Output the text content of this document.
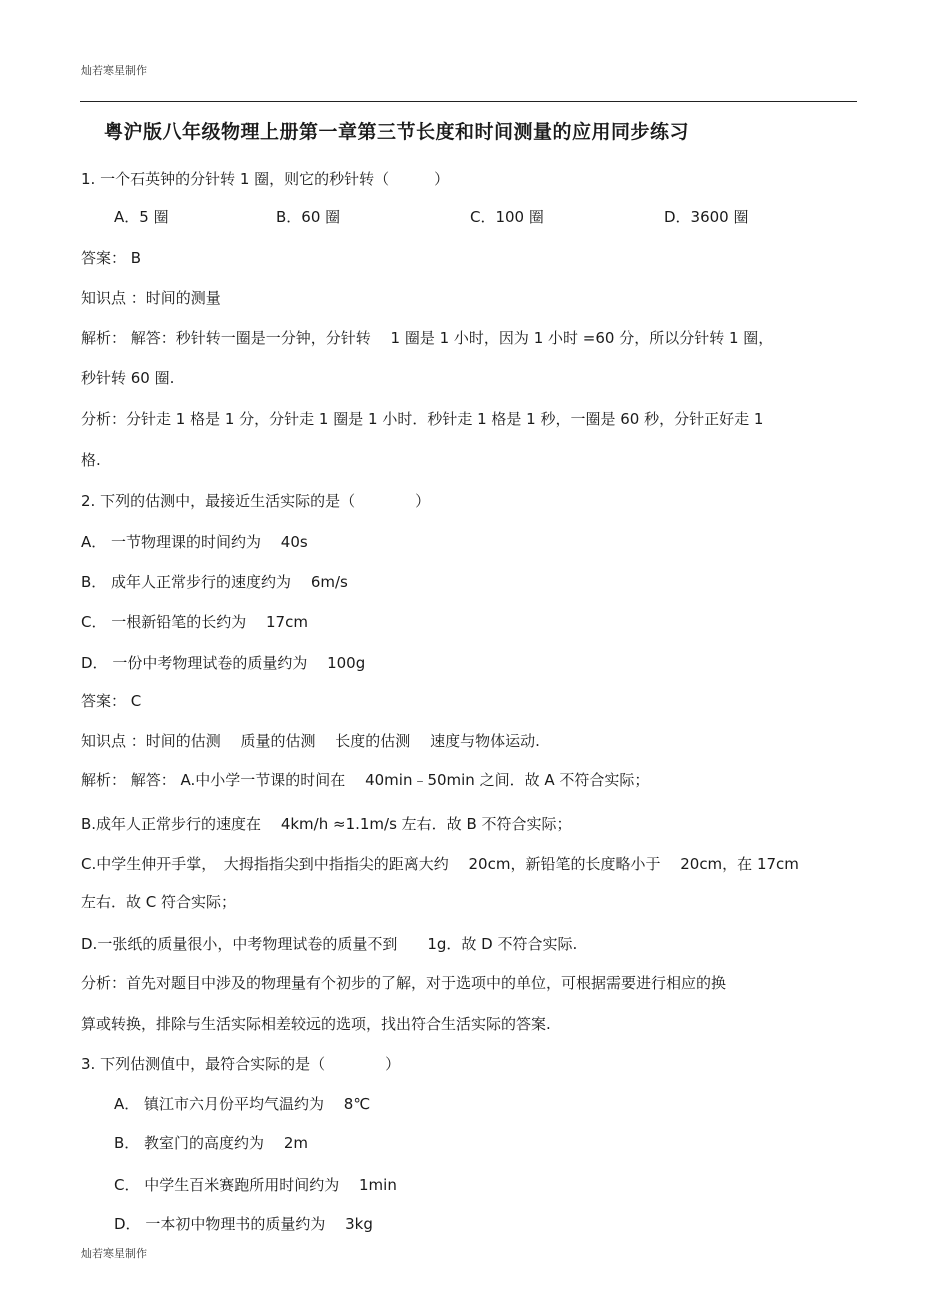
灿若寒星制作
粤沪版八年级物理上册第一章第三节长度和时间测量的应用同步练习
1. 一个石英钟的分针转 1 圈，则它的秒针转（　　　）
A．5 圈	B．60 圈	C．100 圈	D．3600 圈
答案： B
知识点 ：时间的测量
解析： 解答：秒针转一圈是一分钟，分针转　 1 圈是 1 小时，因为 1 小时 =60 分，所以分针转 1 圈，
秒针转 60 圈.
分析：分针走 1 格是 1 分，分针走 1 圈是 1 小时．秒针走 1 格是 1 秒，一圈是 60 秒，分针正好走 1
格.
2. 下列的估测中，最接近生活实际的是（　　　　）
A． 一节物理课的时间约为　 40s
B． 成年人正常步行的速度约为　 6m/s
C． 一根新铅笔的长约为　 17cm
D． 一份中考物理试卷的质量约为　 100g
答案： C
知识点 ：时间的估测　 质量的估测　 长度的估测　 速度与物体运动.
解析： 解答： A.中小学一节课的时间在　 40min﹣50min 之间．故 A 不符合实际；
B.成年人正常步行的速度在　 4km/h ≈1.1m/s 左右．故 B 不符合实际；
C.中学生伸开手掌，　大拇指指尖到中指指尖的距离大约　 20cm，新铅笔的长度略小于　 20cm，在 17cm
左右．故 C 符合实际；
D.一张纸的质量很小，中考物理试卷的质量不到　　1g．故 D 不符合实际.
分析：首先对题目中涉及的物理量有个初步的了解，对于选项中的单位，可根据需要进行相应的换
算或转换，排除与生活实际相差较远的选项，找出符合生活实际的答案.
3. 下列估测值中，最符合实际的是（　　　　）
A． 镇江市六月份平均气温约为　 8℃
B． 教室门的高度约为　 2m
C． 中学生百米赛跑所用时间约为　 1min
D． 一本初中物理书的质量约为　 3kg
灿若寒星制作
